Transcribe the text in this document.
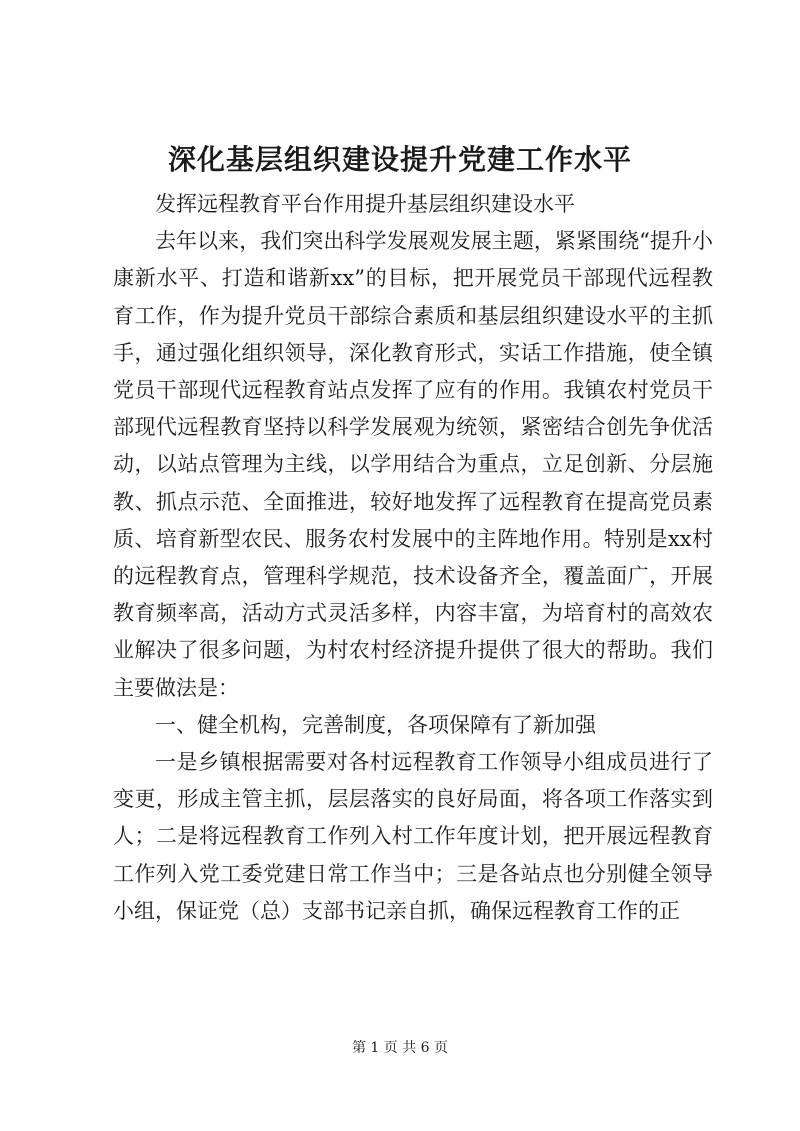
深化基层组织建设提升党建工作水平

发挥远程教育平台作用提升基层组织建设水平

去年以来，我们突出科学发展观发展主题，紧紧围绕“提升小康新水平、打造和谐新xx”的目标，把开展党员干部现代远程教育工作，作为提升党员干部综合素质和基层组织建设水平的主抓手，通过强化组织领导，深化教育形式，实话工作措施，使全镇党员干部现代远程教育站点发挥了应有的作用。我镇农村党员干部现代远程教育坚持以科学发展观为统领，紧密结合创先争优活动，以站点管理为主线，以学用结合为重点，立足创新、分层施教、抓点示范、全面推进，较好地发挥了远程教育在提高党员素质、培育新型农民、服务农村发展中的主阵地作用。特别是xx村的远程教育点，管理科学规范，技术设备齐全，覆盖面广，开展教育频率高，活动方式灵活多样，内容丰富，为培育村的高效农业解决了很多问题，为村农村经济提升提供了很大的帮助。我们主要做法是：

一、健全机构，完善制度，各项保障有了新加强

一是乡镇根据需要对各村远程教育工作领导小组成员进行了变更，形成主管主抓，层层落实的良好局面，将各项工作落实到人；二是将远程教育工作列入村工作年度计划，把开展远程教育工作列入党工委党建日常工作当中；三是各站点也分别健全领导小组，保证党（总）支部书记亲自抓，确保远程教育工作的正

第 1 页 共 6 页
